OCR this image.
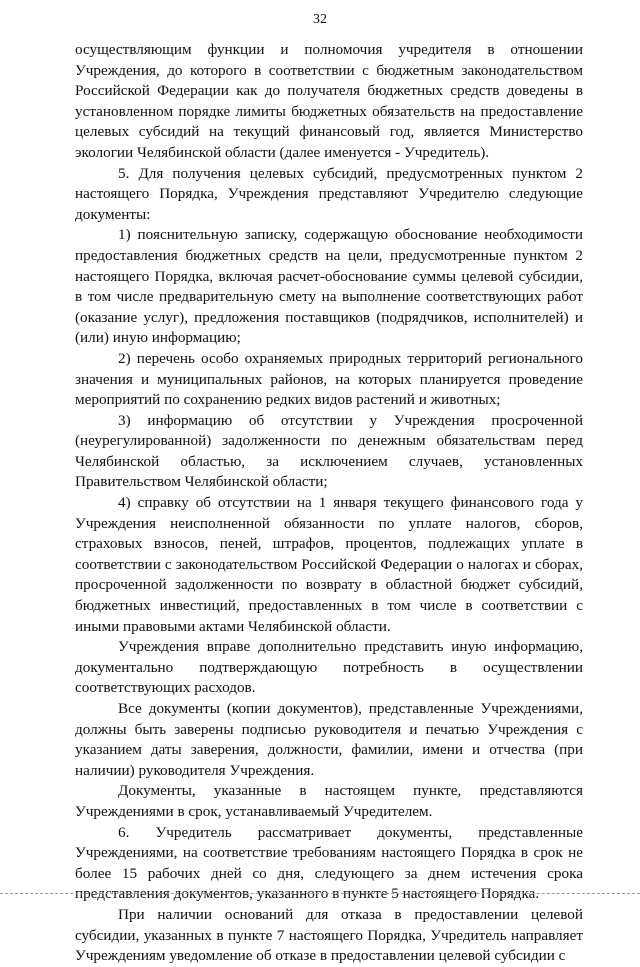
32

осуществляющим функции и полномочия учредителя в отношении Учреждения, до которого в соответствии с бюджетным законодательством Российской Федерации как до получателя бюджетных средств доведены в установленном порядке лимиты бюджетных обязательств на предоставление целевых субсидий на текущий финансовый год, является Министерство экологии Челябинской области (далее именуется - Учредитель).

5. Для получения целевых субсидий, предусмотренных пунктом 2 настоящего Порядка, Учреждения представляют Учредителю следующие документы:

1) пояснительную записку, содержащую обоснование необходимости предоставления бюджетных средств на цели, предусмотренные пунктом 2 настоящего Порядка, включая расчет-обоснование суммы целевой субсидии, в том числе предварительную смету на выполнение соответствующих работ (оказание услуг), предложения поставщиков (подрядчиков, исполнителей) и (или) иную информацию;

2) перечень особо охраняемых природных территорий регионального значения и муниципальных районов, на которых планируется проведение мероприятий по сохранению редких видов растений и животных;

3) информацию об отсутствии у Учреждения просроченной (неурегулированной) задолженности по денежным обязательствам перед Челябинской областью, за исключением случаев, установленных Правительством Челябинской области;

4) справку об отсутствии на 1 января текущего финансового года у Учреждения неисполненной обязанности по уплате налогов, сборов, страховых взносов, пеней, штрафов, процентов, подлежащих уплате в соответствии с законодательством Российской Федерации о налогах и сборах, просроченной задолженности по возврату в областной бюджет субсидий, бюджетных инвестиций, предоставленных в том числе в соответствии с иными правовыми актами Челябинской области.

Учреждения вправе дополнительно представить иную информацию, документально подтверждающую потребность в осуществлении соответствующих расходов.

Все документы (копии документов), представленные Учреждениями, должны быть заверены подписью руководителя и печатью Учреждения с указанием даты заверения, должности, фамилии, имени и отчества (при наличии) руководителя Учреждения.

Документы, указанные в настоящем пункте, представляются Учреждениями в срок, устанавливаемый Учредителем.

6. Учредитель рассматривает документы, представленные Учреждениями, на соответствие требованиям настоящего Порядка в срок не более 15 рабочих дней со дня, следующего за днем истечения срока представления документов, указанного в пункте 5 настоящего Порядка.

При наличии оснований для отказа в предоставлении целевой субсидии, указанных в пункте 7 настоящего Порядка, Учредитель направляет Учреждениям уведомление об отказе в предоставлении целевой субсидии с
